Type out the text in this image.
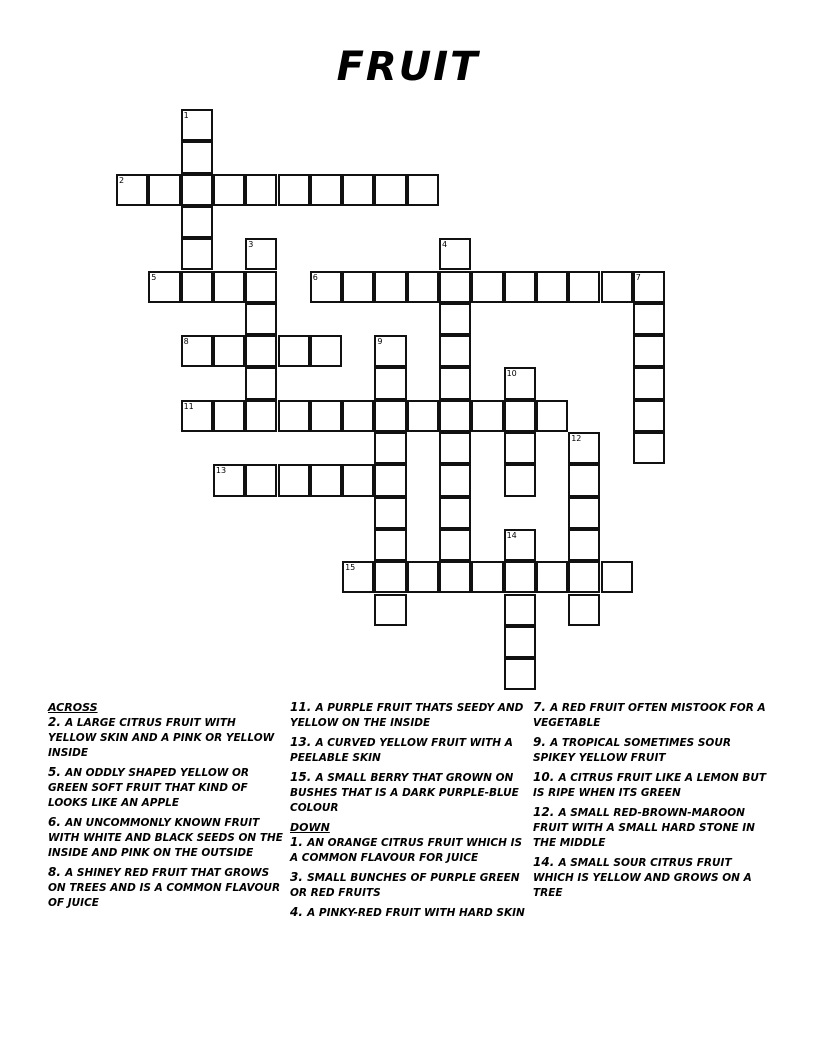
FRUIT
1
2
3	4
5	6	7
8	9
10
11
12
13
14
15
ACROSS
2. A LARGE CITRUS FRUIT WITH YELLOW SKIN AND A PINK OR YELLOW INSIDE
5. AN ODDLY SHAPED YELLOW OR GREEN SOFT FRUIT THAT KIND OF LOOKS LIKE AN APPLE
6. AN UNCOMMONLY KNOWN FRUIT WITH WHITE AND BLACK SEEDS ON THE INSIDE AND PINK ON THE OUTSIDE
8. A SHINEY RED FRUIT THAT GROWS ON TREES AND IS A COMMON FLAVOUR OF JUICE
11. A PURPLE FRUIT THATS SEEDY AND YELLOW ON THE INSIDE
13. A CURVED YELLOW FRUIT WITH A PEELABLE SKIN
15. A SMALL BERRY THAT GROWN ON BUSHES THAT IS A DARK PURPLE-BLUE COLOUR
DOWN
1. AN ORANGE CITRUS FRUIT WHICH IS A COMMON FLAVOUR FOR JUICE
3. SMALL BUNCHES OF PURPLE GREEN OR RED FRUITS
4. A PINKY-RED FRUIT WITH HARD SKIN
7. A RED FRUIT OFTEN MISTOOK FOR A VEGETABLE
9. A TROPICAL SOMETIMES SOUR SPIKEY YELLOW FRUIT
10. A CITRUS FRUIT LIKE A LEMON BUT IS RIPE WHEN ITS GREEN
12. A SMALL RED-BROWN-MAROON FRUIT WITH A SMALL HARD STONE IN THE MIDDLE
14. A SMALL SOUR CITRUS FRUIT WHICH IS YELLOW AND GROWS ON A TREE
